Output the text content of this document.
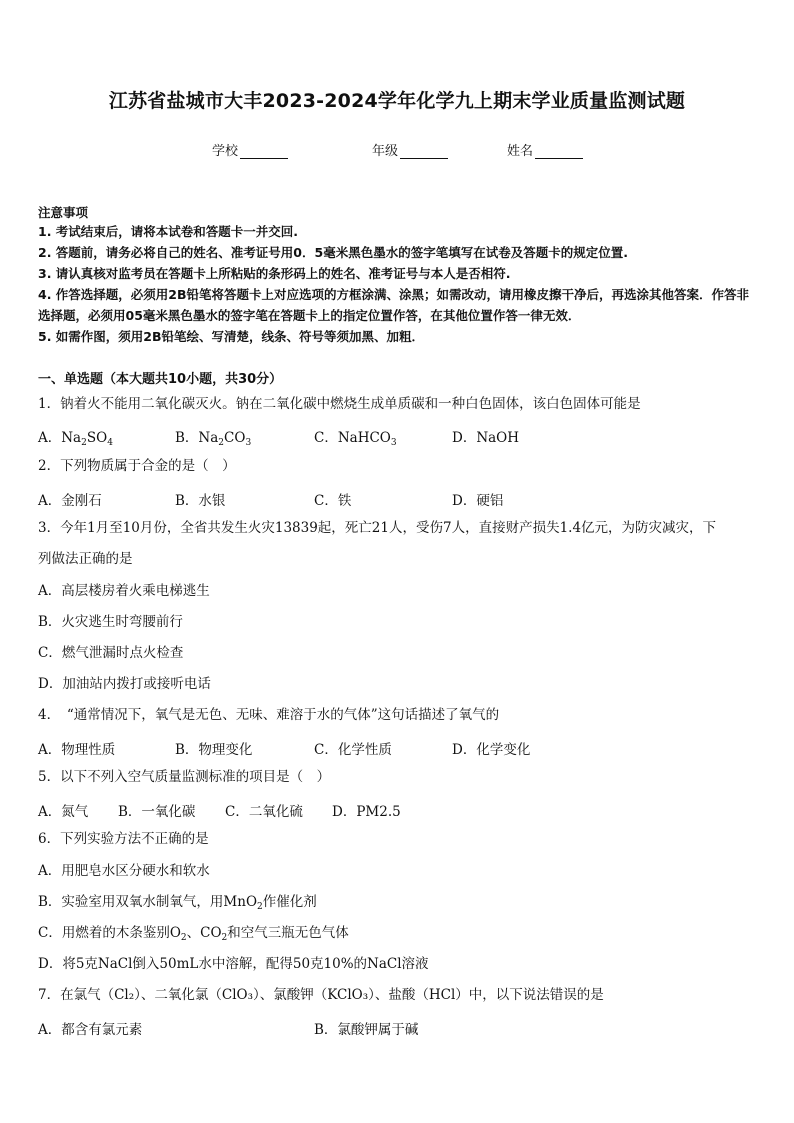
江苏省盐城市大丰2023-2024学年化学九上期末学业质量监测试题
学校	年级	姓名
注意事项
1. 考试结束后，请将本试卷和答题卡一并交回.
2. 答题前，请务必将自己的姓名、准考证号用0．5毫米黑色墨水的签字笔填写在试卷及答题卡的规定位置.
3. 请认真核对监考员在答题卡上所粘贴的条形码上的姓名、准考证号与本人是否相符.
4. 作答选择题，必须用2B铅笔将答题卡上对应选项的方框涂满、涂黑；如需改动，请用橡皮擦干净后，再选涂其他答案．作答非选择题，必须用05毫米黑色墨水的签字笔在答题卡上的指定位置作答，在其他位置作答一律无效．
5. 如需作图，须用2B铅笔绘、写清楚，线条、符号等须加黑、加粗．
一、单选题（本大题共10小题，共30分）
1．钠着火不能用二氧化碳灭火。钠在二氧化碳中燃烧生成单质碳和一种白色固体，该白色固体可能是
A．$Na_2SO_4$	B．$Na_2CO_3$	C．NaHCO$_3$	D．NaOH
2．下列物质属于合金的是（　）
A．金刚石	B．水银	C．铁	D．硬铝
3．今年1月至10月份，全省共发生火灾13839起，死亡21人，受伤7人，直接财产损失1.4亿元，为防灾减灾，下
列做法正确的是
A．高层楼房着火乘电梯逃生
B．火灾逃生时弯腰前行
C．燃气泄漏时点火检查
D．加油站内拨打或接听电话
4．　“通常情况下，氧气是无色、无味、难溶于水的气体”这句话描述了氧气的
A．物理性质	B．物理变化	C．化学性质	D．化学变化
5．以下不列入空气质量监测标准的项目是（　）
A．氮气 B．一氧化碳 C．二氧化硫 D．PM2.5
6．下列实验方法不正确的是
A．用肥皂水区分硬水和软水
B．实验室用双氧水制氧气，用MnO$_2$作催化剂
C．用燃着的木条鉴别$O_2$、$CO_2$和空气三瓶无色气体
D．将5克NaCl倒入50mL水中溶解，配得50克10%的NaCl溶液
7．在氯气（Cl₂）、二氧化氯（ClO₃）、氯酸钾（KClO₃）、盐酸（HCl）中，以下说法错误的是
A．都含有氯元素	B．氯酸钾属于碱
